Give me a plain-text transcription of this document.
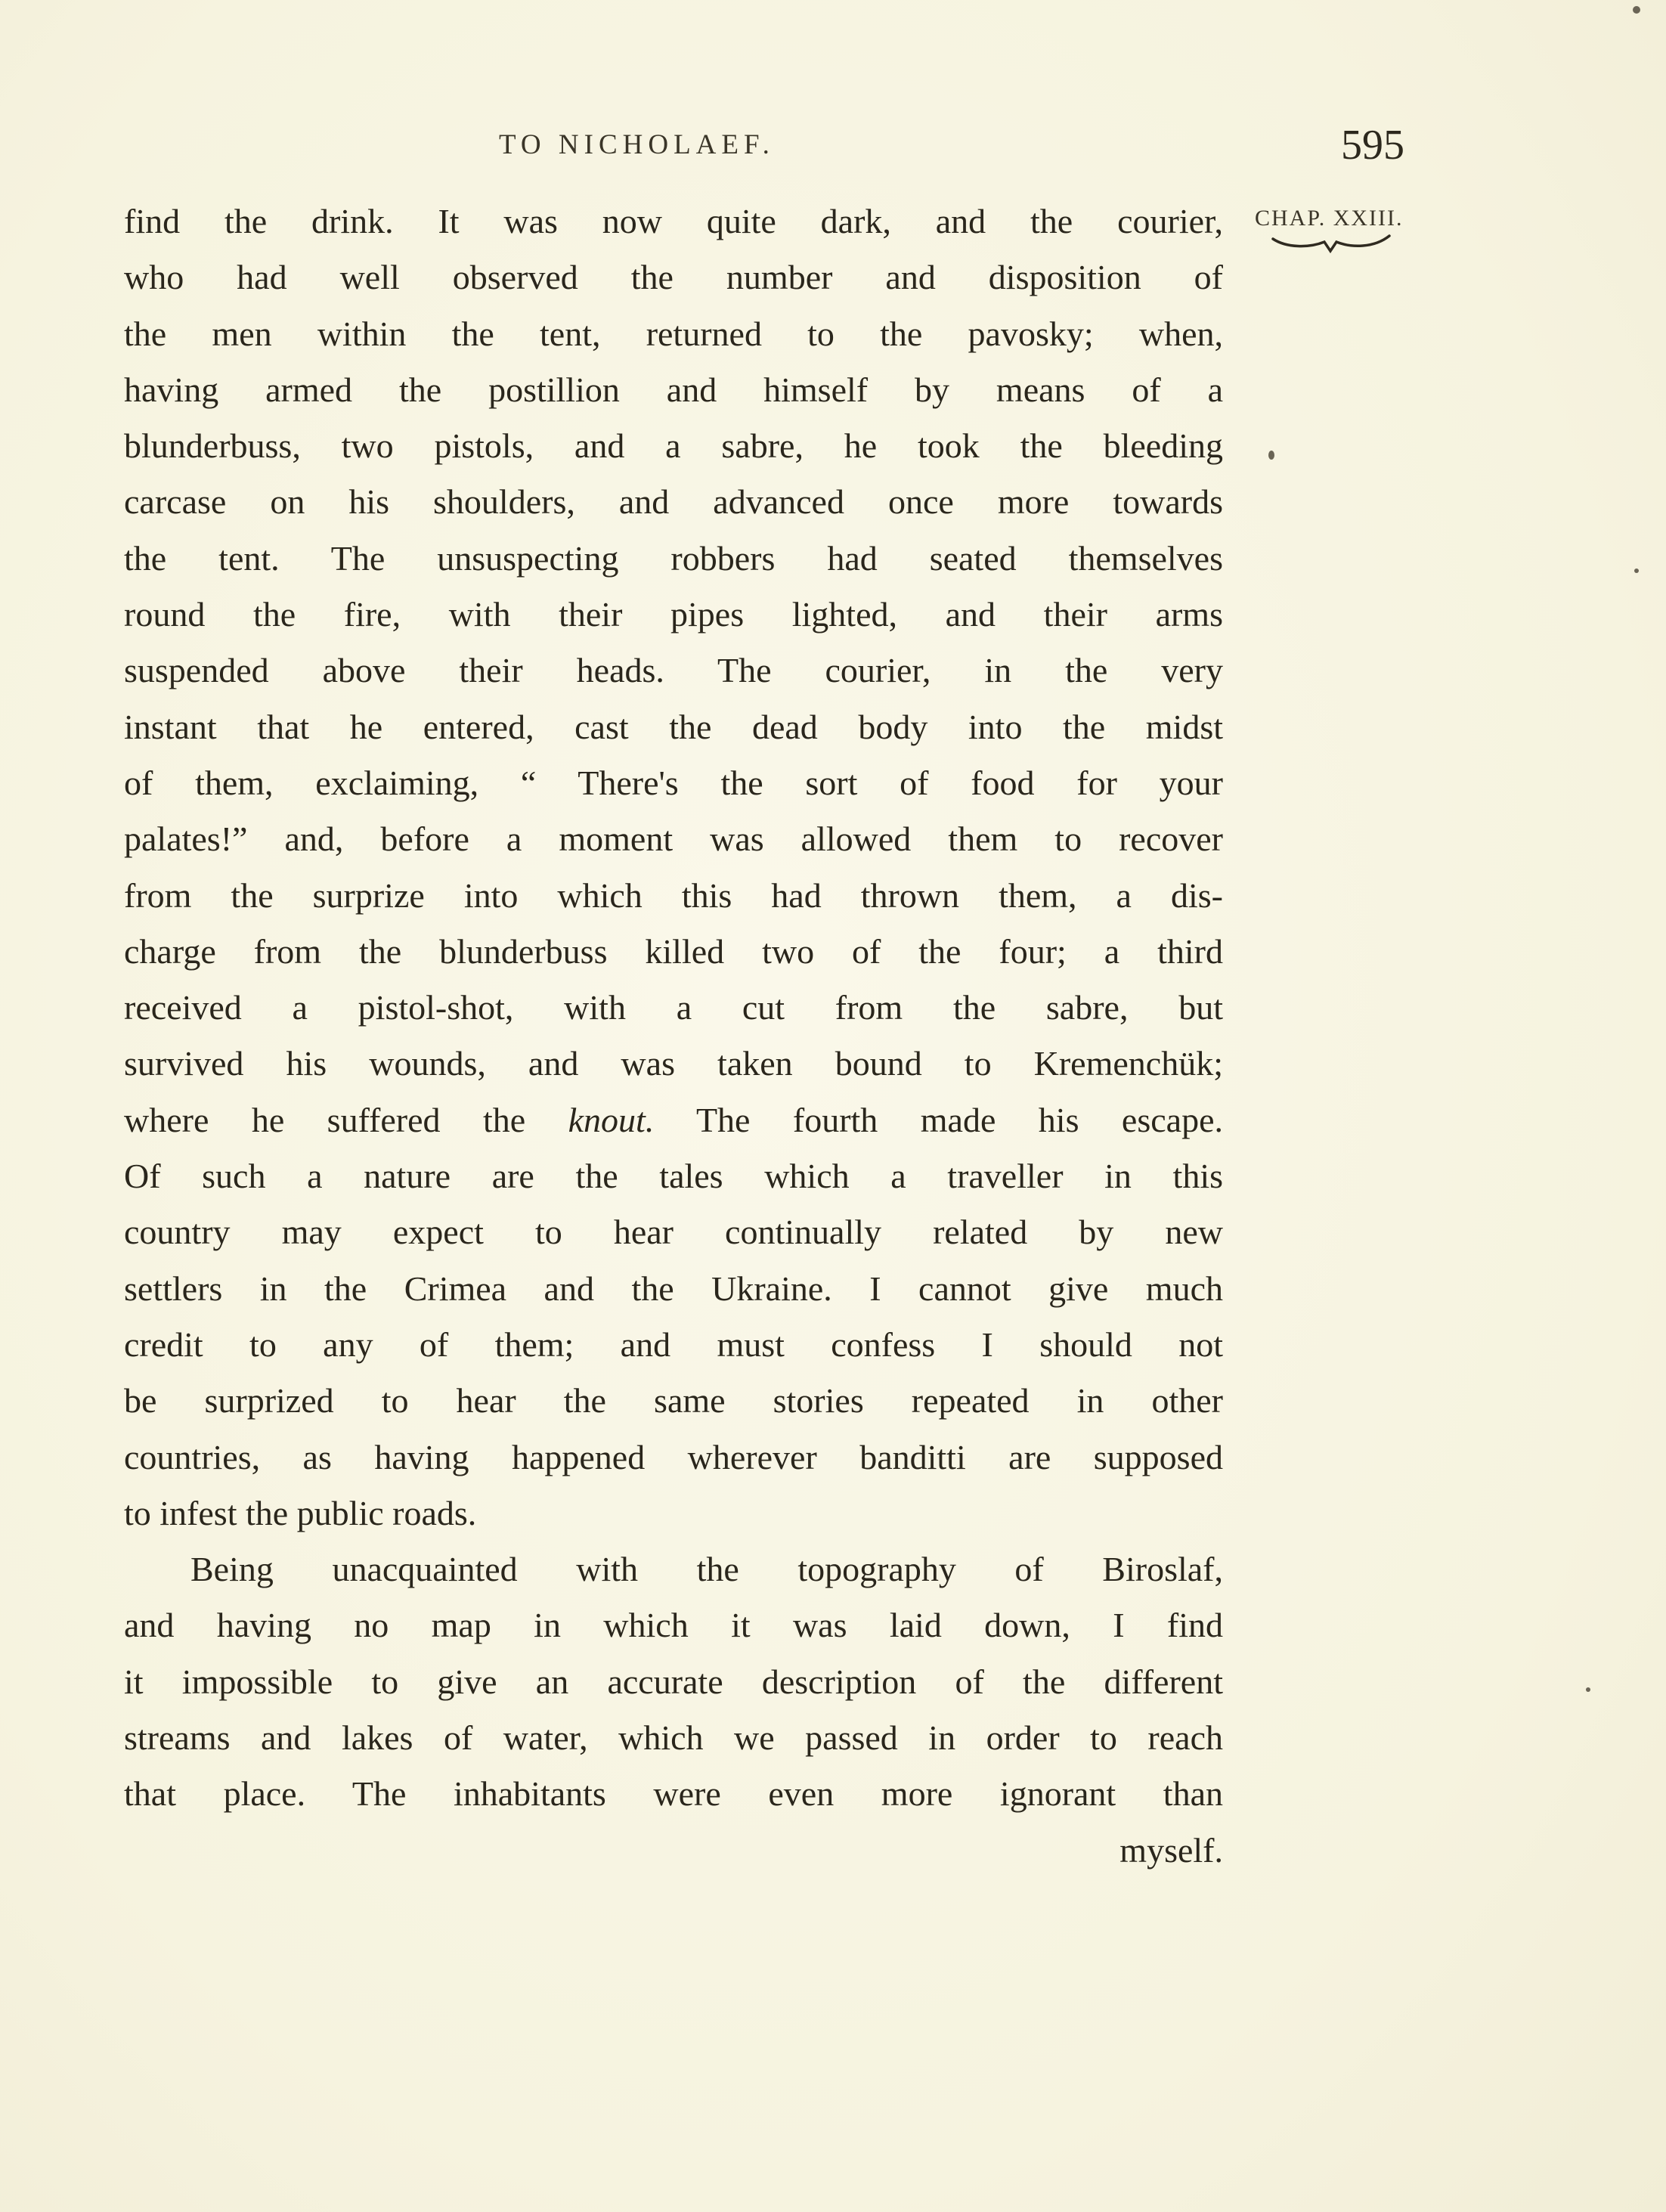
TO NICHOLAEF.	595
CHAP. XXIII.
find the drink. It was now quite dark, and the courier,
who had well observed the number and disposition of
the men within the tent, returned to the pavosky; when,
having armed the postillion and himself by means of a
blunderbuss, two pistols, and a sabre, he took the bleeding
carcase on his shoulders, and advanced once more towards
the tent. The unsuspecting robbers had seated themselves
round the fire, with their pipes lighted, and their arms
suspended above their heads. The courier, in the very
instant that he entered, cast the dead body into the midst
of them, exclaiming, “ There's the sort of food for your
palates!” and, before a moment was allowed them to recover
from the surprize into which this had thrown them, a dis-
charge from the blunderbuss killed two of the four; a third
received a pistol-shot, with a cut from the sabre, but
survived his wounds, and was taken bound to Kremenchük;
where he suffered the knout. The fourth made his escape.
Of such a nature are the tales which a traveller in this
country may expect to hear continually related by new
settlers in the Crimea and the Ukraine. I cannot give much
credit to any of them; and must confess I should not
be surprized to hear the same stories repeated in other
countries, as having happened wherever banditti are supposed
to infest the public roads.
Being unacquainted with the topography of Biroslaf,
and having no map in which it was laid down, I find
it impossible to give an accurate description of the different
streams and lakes of water, which we passed in order to reach
that place. The inhabitants were even more ignorant than
myself.
